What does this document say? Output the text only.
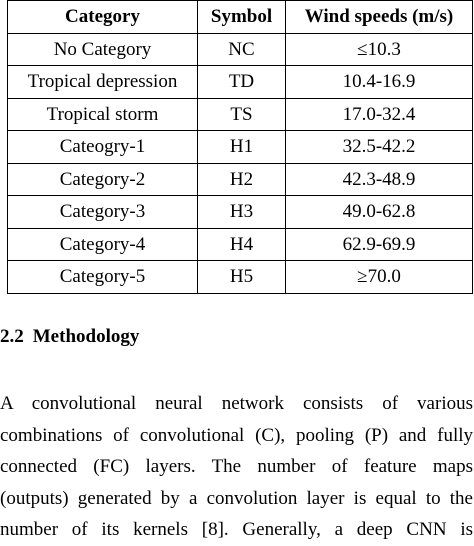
Category	Symbol	Wind speeds (m/s)
No Category	NC	≤10.3
Tropical depression	TD	10.4-16.9
Tropical storm	TS	17.0-32.4
Cateogry-1	H1	32.5-42.2
Category-2	H2	42.3-48.9
Category-3	H3	49.0-62.8
Category-4	H4	62.9-69.9
Category-5	H5	≥70.0
2.2 Methodology
A convolutional neural network consists of various
combinations of convolutional (C), pooling (P) and fully
connected (FC) layers. The number of feature maps
(outputs) generated by a convolution layer is equal to the
number of its kernels [8]. Generally, a deep CNN is
